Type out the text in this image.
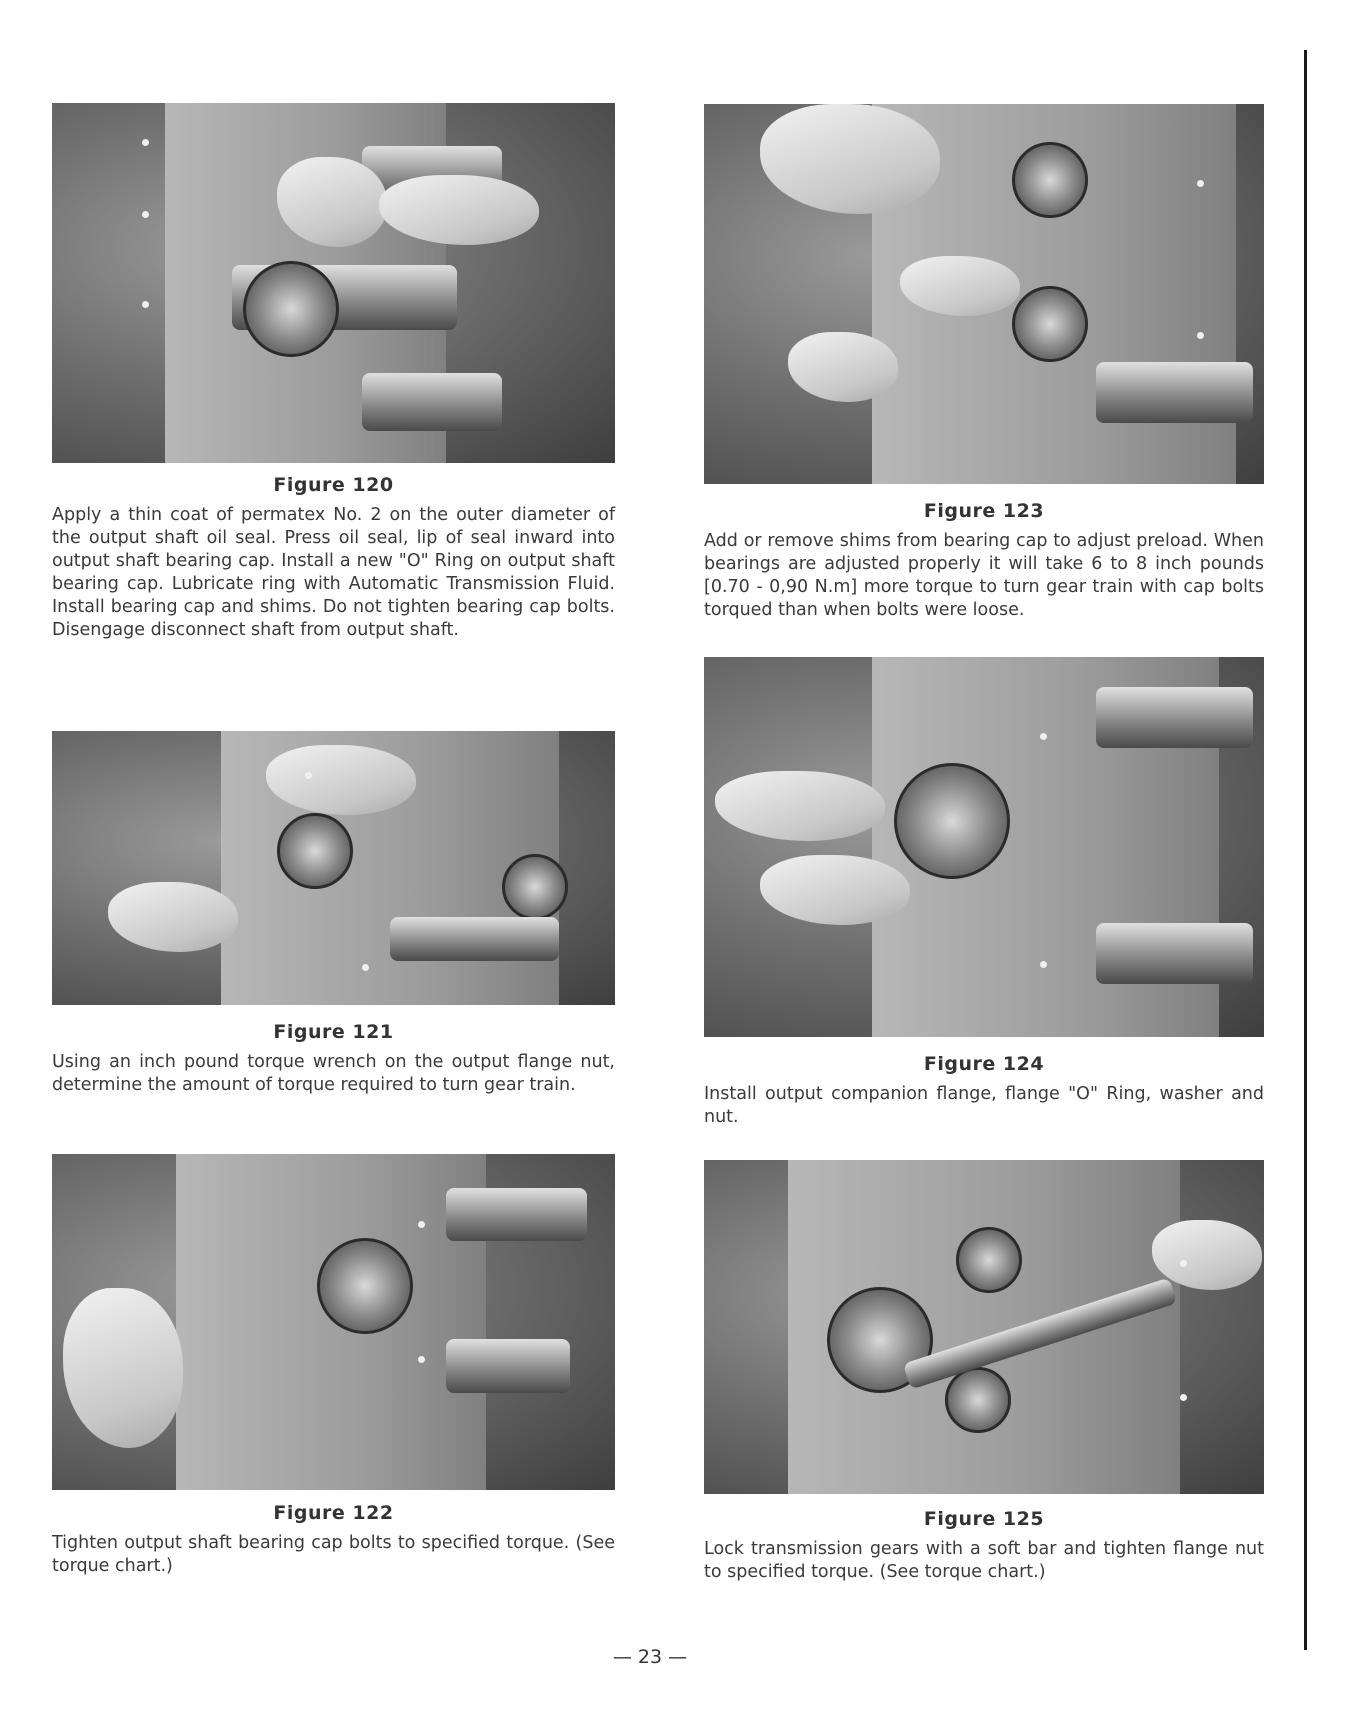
Figure 120

Apply a thin coat of permatex No. 2 on the outer diameter of the output shaft oil seal. Press oil seal, lip of seal inward into output shaft bearing cap. Install a new "O" Ring on output shaft bearing cap. Lubricate ring with Automatic Transmission Fluid. Install bearing cap and shims. Do not tighten bearing cap bolts. Disengage disconnect shaft from output shaft.

Figure 121

Using an inch pound torque wrench on the output flange nut, determine the amount of torque required to turn gear train.

Figure 122

Tighten output shaft bearing cap bolts to specified torque. (See torque chart.)

Figure 123

Add or remove shims from bearing cap to adjust preload. When bearings are adjusted properly it will take 6 to 8 inch pounds [0.70 - 0,90 N.m] more torque to turn gear train with cap bolts torqued than when bolts were loose.

Figure 124

Install output companion flange, flange "O" Ring, washer and nut.

Figure 125

Lock transmission gears with a soft bar and tighten flange nut to specified torque. (See torque chart.)

— 23 —
